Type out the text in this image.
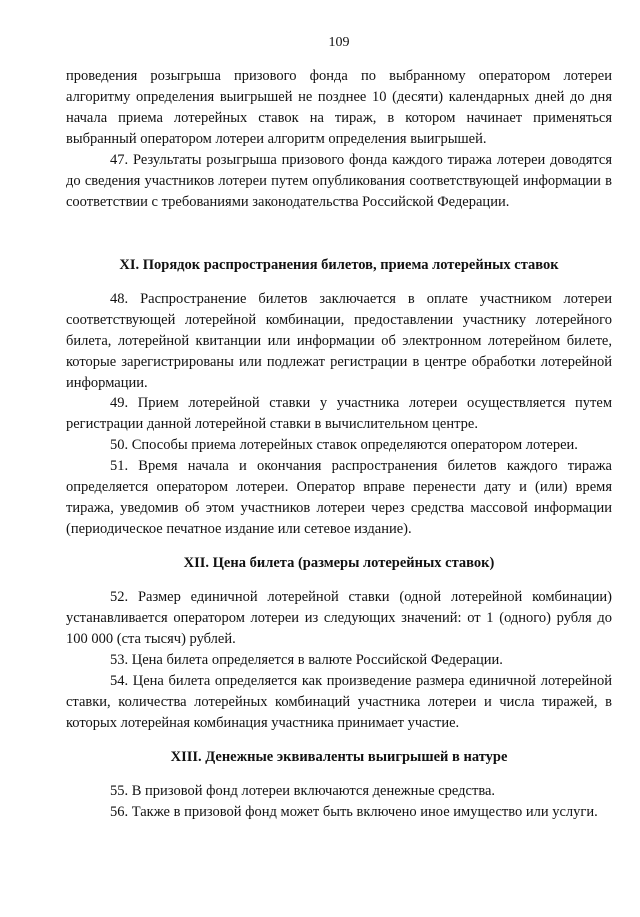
109
проведения розыгрыша призового фонда по выбранному оператором лотереи алгоритму определения выигрышей не позднее 10 (десяти) календарных дней до дня начала приема лотерейных ставок на тираж, в котором начинает применяться выбранный оператором лотереи алгоритм определения выигрышей.
47. Результаты розыгрыша призового фонда каждого тиража лотереи доводятся до сведения участников лотереи путем опубликования соответствующей информации в соответствии с требованиями законодательства Российской Федерации.
XI. Порядок распространения билетов, приема лотерейных ставок
48. Распространение билетов заключается в оплате участником лотереи соответствующей лотерейной комбинации, предоставлении участнику лотерейного билета, лотерейной квитанции или информации об электронном лотерейном билете, которые зарегистрированы или подлежат регистрации в центре обработки лотерейной информации.
49. Прием лотерейной ставки у участника лотереи осуществляется путем регистрации данной лотерейной ставки в вычислительном центре.
50. Способы приема лотерейных ставок определяются оператором лотереи.
51. Время начала и окончания распространения билетов каждого тиража определяется оператором лотереи. Оператор вправе перенести дату и (или) время тиража, уведомив об этом участников лотереи через средства массовой информации (периодическое печатное издание или сетевое издание).
XII. Цена билета (размеры лотерейных ставок)
52. Размер единичной лотерейной ставки (одной лотерейной комбинации) устанавливается оператором лотереи из следующих значений: от 1 (одного) рубля до 100 000 (ста тысяч) рублей.
53. Цена билета определяется в валюте Российской Федерации.
54. Цена билета определяется как произведение размера единичной лотерейной ставки, количества лотерейных комбинаций участника лотереи и числа тиражей, в которых лотерейная комбинация участника принимает участие.
XIII. Денежные эквиваленты выигрышей в натуре
55. В призовой фонд лотереи включаются денежные средства.
56. Также в призовой фонд может быть включено иное имущество или услуги.
